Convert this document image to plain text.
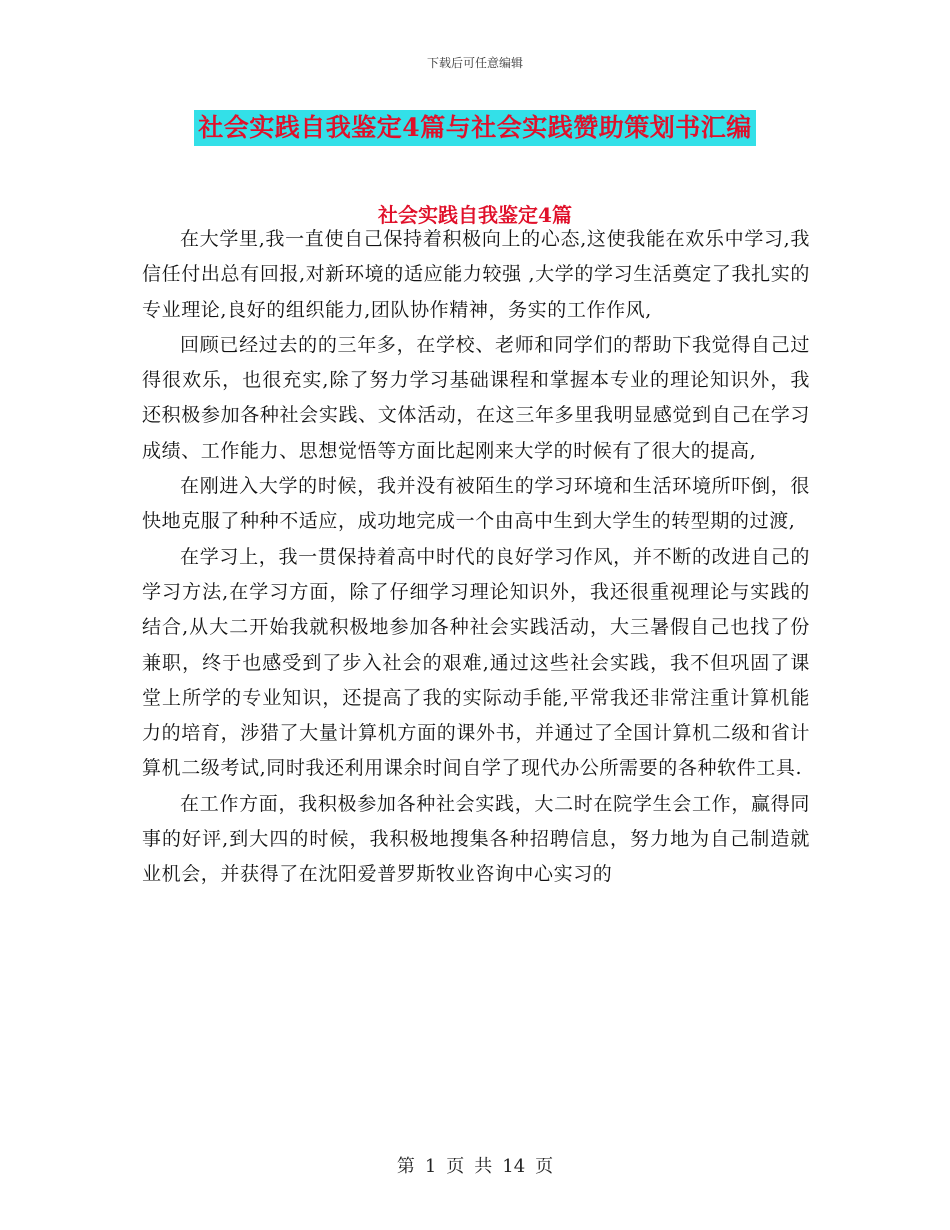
下载后可任意编辑
社会实践自我鉴定4篇与社会实践赞助策划书汇编
社会实践自我鉴定4篇

在大学里,我一直使自己保持着积极向上的心态,这使我能在欢乐中学习,我信任付出总有回报,对新环境的适应能力较强 ,大学的学习生活奠定了我扎实的专业理论,良好的组织能力,团队协作精神，务实的工作作风,

回顾已经过去的的三年多，在学校、老师和同学们的帮助下我觉得自己过得很欢乐，也很充实,除了努力学习基础课程和掌握本专业的理论知识外，我还积极参加各种社会实践、文体活动，在这三年多里我明显感觉到自己在学习成绩、工作能力、思想觉悟等方面比起刚来大学的时候有了很大的提高,

在刚进入大学的时候，我并没有被陌生的学习环境和生活环境所吓倒，很快地克服了种种不适应，成功地完成一个由高中生到大学生的转型期的过渡,

在学习上，我一贯保持着高中时代的良好学习作风，并不断的改进自己的学习方法,在学习方面，除了仔细学习理论知识外，我还很重视理论与实践的结合,从大二开始我就积极地参加各种社会实践活动，大三暑假自己也找了份兼职，终于也感受到了步入社会的艰难,通过这些社会实践，我不但巩固了课堂上所学的专业知识，还提高了我的实际动手能,平常我还非常注重计算机能力的培育，涉猎了大量计算机方面的课外书，并通过了全国计算机二级和省计算机二级考试,同时我还利用课余时间自学了现代办公所需要的各种软件工具.

在工作方面，我积极参加各种社会实践，大二时在院学生会工作，赢得同事的好评,到大四的时候，我积极地搜集各种招聘信息，努力地为自己制造就业机会，并获得了在沈阳爱普罗斯牧业咨询中心实习的

第 1 页 共 14 页
